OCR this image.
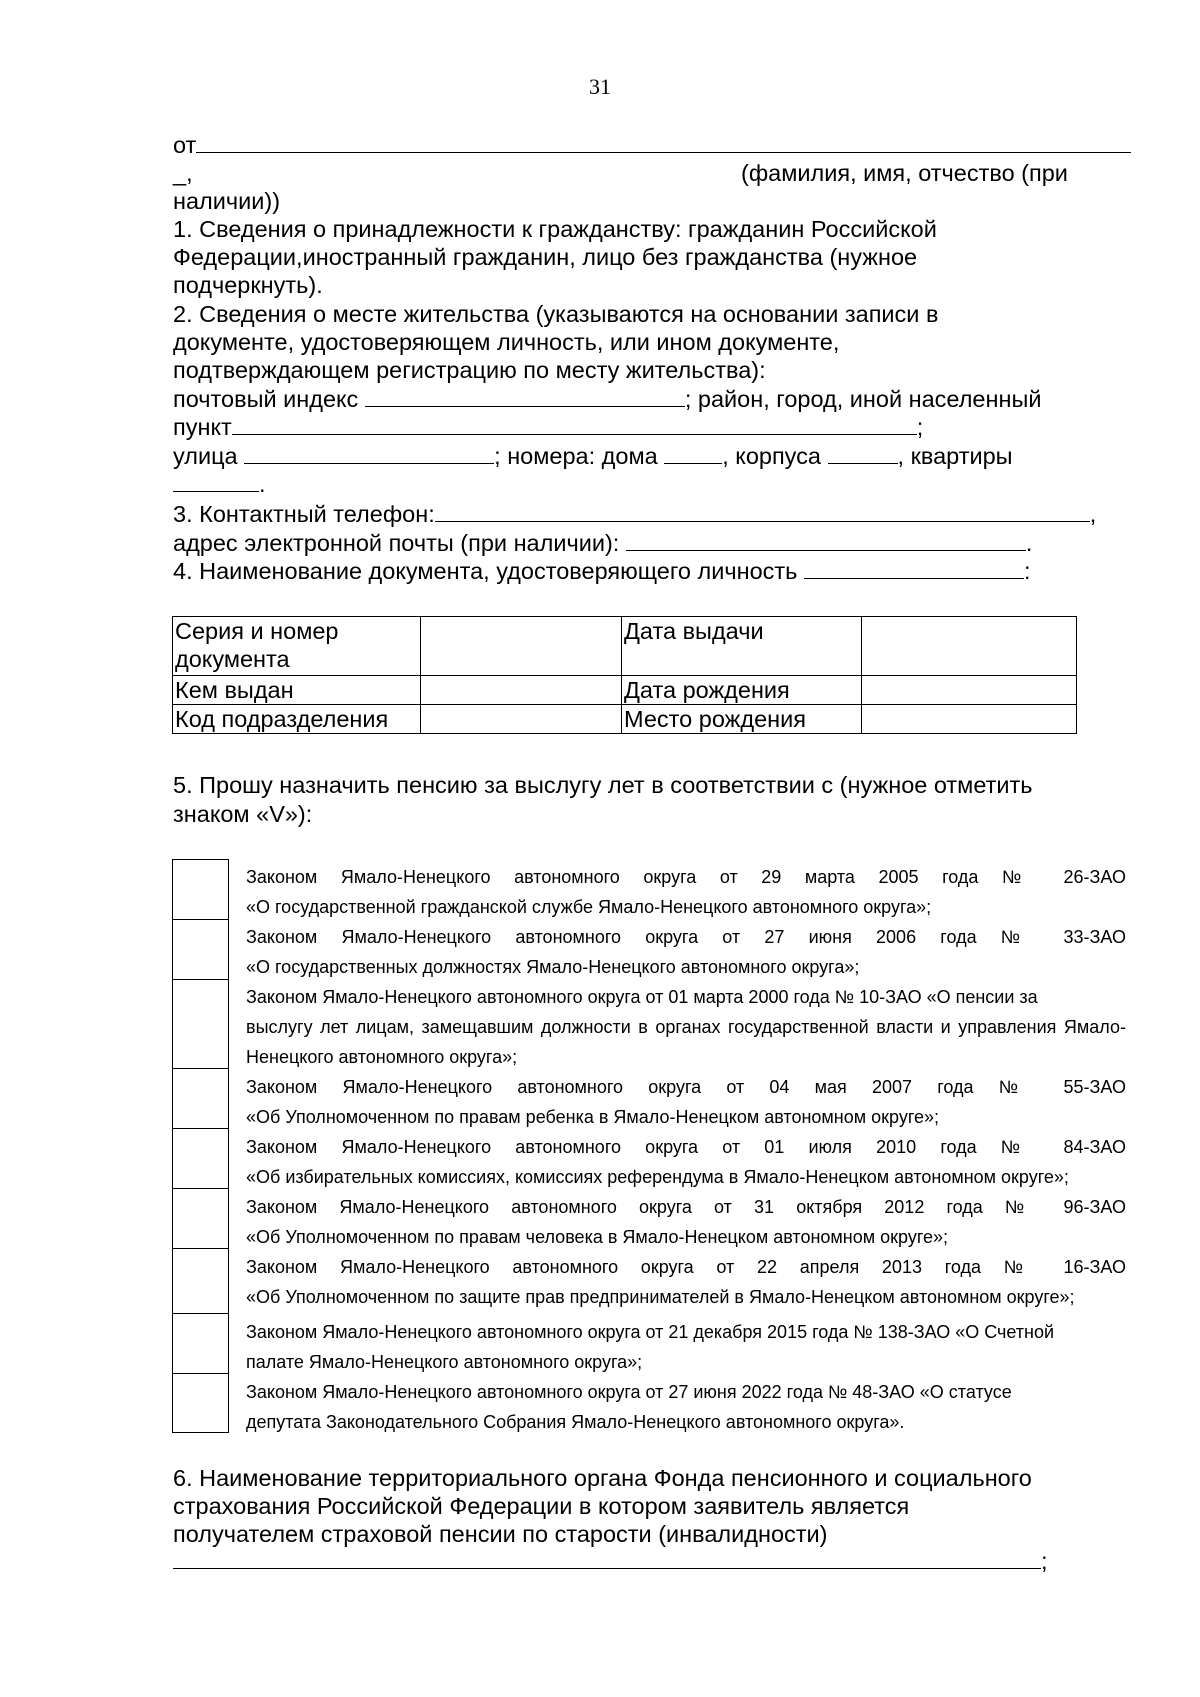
31
от
_,	(фамилия, имя, отчество (при
наличии))
1. Сведения о принадлежности к гражданству: гражданин Российской
Федерации,иностранный гражданин, лицо без гражданства (нужное
подчеркнуть).
2. Сведения о месте жительства (указываются на основании записи в
документе, удостоверяющем личность, или ином документе,
подтверждающем регистрацию по месту жительства):
почтовый индекс	; район, город, иной населенный
пункт	;
улица	; номера: дома	, корпуса	, квартиры
.
3. Контактный телефон:	,
адрес электронной почты (при наличии):	.
4. Наименование документа, удостоверяющего личность	:
Серия и номер документа		Дата выдачи	
Кем выдан		Дата рождения	
Код подразделения		Место рождения	
5. Прошу назначить пенсию за выслугу лет в соответствии с (нужное отметить
знаком «V»):
Законом Ямало-Ненецкого автономного округа от 29 марта 2005 года № 26-ЗАО
«О государственной гражданской службе Ямало-Ненецкого автономного округа»;
Законом Ямало-Ненецкого автономного округа от 27 июня 2006 года № 33-ЗАО
«О государственных должностях Ямало-Ненецкого автономного округа»;
Законом Ямало-Ненецкого автономного округа от 01 марта 2000 года № 10-ЗАО «О пенсии за
выслугу лет лицам, замещавшим должности в органах государственной власти и управления Ямало-Ненецкого автономного округа»;
Законом Ямало-Ненецкого автономного округа от 04 мая 2007 года № 55-ЗАО
«Об Уполномоченном по правам ребенка в Ямало-Ненецком автономном округе»;
Законом Ямало-Ненецкого автономного округа от 01 июля 2010 года № 84-ЗАО
«Об избирательных комиссиях, комиссиях референдума в Ямало-Ненецком автономном округе»;
Законом Ямало-Ненецкого автономного округа от 31 октября 2012 года № 96-ЗАО
«Об Уполномоченном по правам человека в Ямало-Ненецком автономном округе»;
Законом Ямало-Ненецкого автономного округа от 22 апреля 2013 года № 16-ЗАО
«Об Уполномоченном по защите прав предпринимателей в Ямало-Ненецком автономном округе»;
Законом Ямало-Ненецкого автономного округа от 21 декабря 2015 года № 138-ЗАО «О Счетной
палате Ямало-Ненецкого автономного округа»;
Законом Ямало-Ненецкого автономного округа от 27 июня 2022 года № 48-ЗАО «О статусе
депутата Законодательного Собрания Ямало-Ненецкого автономного округа».
6. Наименование территориального органа Фонда пенсионного и социального
страхования Российской Федерации в котором заявитель является
получателем страховой пенсии по старости (инвалидности)
;
